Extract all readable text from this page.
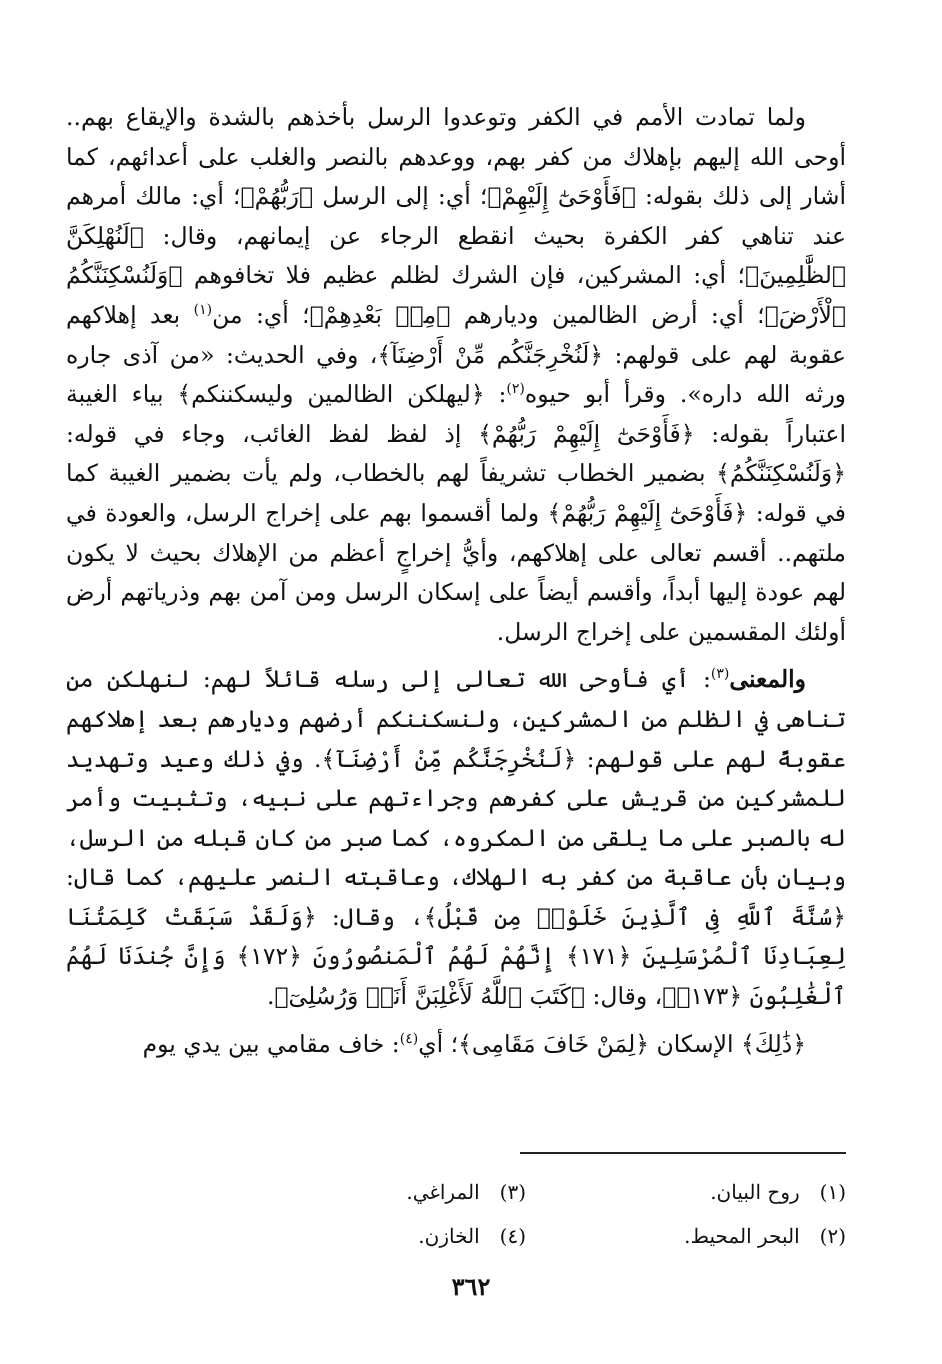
ولما تمادت الأمم في الكفر وتوعدوا الرسل بأخذهم بالشدة والإيقاع بهم.. أوحى الله إليهم بإهلاك من كفر بهم، ووعدهم بالنصر والغلب على أعدائهم، كما أشار إلى ذلك بقوله: ﴿فَأَوْحَىٰٓ إِلَيْهِمْ﴾؛ أي: إلى الرسل ﴿رَبُّهُمْ﴾؛ أي: مالك أمرهم عند تناهي كفر الكفرة بحيث انقطع الرجاء عن إيمانهم، وقال: ﴿لَنُهْلِكَنَّ ٱلظَّٰلِمِينَ﴾؛ أي: المشركين، فإن الشرك لظلم عظيم فلا تخافوهم ﴿وَلَنُسْكِنَنَّكُمُ ٱلْأَرْضَ﴾؛ أي: أرض الظالمين وديارهم ﴿مِنۢ بَعْدِهِمْ﴾؛ أي: من$^{(١)}$ بعد إهلاكهم عقوبة لهم على قولهم: ﴿لَنُخْرِجَنَّكُم مِّنْ أَرْضِنَآ﴾، وفي الحديث: «من آذى جاره ورثه الله داره». وقرأ أبو حيوه$^{(٢)}$: ﴿ليهلكن الظالمين وليسكننكم﴾ بياء الغيبة اعتباراً بقوله: ﴿فَأَوْحَىٰٓ إِلَيْهِمْ رَبُّهُمْ﴾ إذ لفظ لفظ الغائب، وجاء في قوله: ﴿وَلَنُسْكِنَنَّكُمُ﴾ بضمير الخطاب تشريفاً لهم بالخطاب، ولم يأت بضمير الغيبة كما في قوله: ﴿فَأَوْحَىٰٓ إِلَيْهِمْ رَبُّهُمْ﴾ ولما أقسموا بهم على إخراج الرسل، والعودة في ملتهم.. أقسم تعالى على إهلاكهم، وأيُّ إخراجٍ أعظم من الإهلاك بحيث لا يكون لهم عودة إليها أبداً، وأقسم أيضاً على إسكان الرسل ومن آمن بهم وذرياتهم أرض أولئك المقسمين على إخراج الرسل.

والمعنى$^{(٣)}$: أي فأوحى الله تعالى إلى رسله قائلاً لهم: لنهلكن من تناهى في الظلم من المشركين، ولنسكننكم أرضهم وديارهم بعد إهلاكهم عقوبةً لهم على قولهم: ﴿لَنُخْرِجَنَّكُم مِّنْ أَرْضِنَآ﴾. وفي ذلك وعيد وتهديد للمشركين من قريش على كفرهم وجراءتهم على نبيه، وتثبيت وأمر له بالصبر على ما يلقى من المكروه، كما صبر من كان قبله من الرسل، وبيان بأن عاقبة من كفر به الهلاك، وعاقبته النصر عليهم، كما قال: ﴿سُنَّةَ ٱللَّهِ فِى ٱلَّذِينَ خَلَوْا۟ مِن قَبْلُ﴾، وقال: ﴿وَلَقَدْ سَبَقَتْ كَلِمَتُنَا لِعِبَادِنَا ٱلْمُرْسَلِينَ ﴿١٧١﴾ إِنَّهُمْ لَهُمُ ٱلْمَنصُورُونَ ﴿١٧٢﴾ وَإِنَّ جُندَنَا لَهُمُ ٱلْغَٰلِبُونَ ﴿١٧٣﴾﴾، وقال: ﴿كَتَبَ ٱللَّهُ لَأَغْلِبَنَّ أَنَا۠ وَرُسُلِىٓ﴾.

﴿ذَٰلِكَ﴾ الإسكان ﴿لِمَنْ خَافَ مَقَامِى﴾؛ أي$^{(٤)}$: خاف مقامي بين يدي يوم

(١) روح البيان.
(٣) المراغي.
(٢) البحر المحيط.
(٤) الخازن.
٣٦٢
